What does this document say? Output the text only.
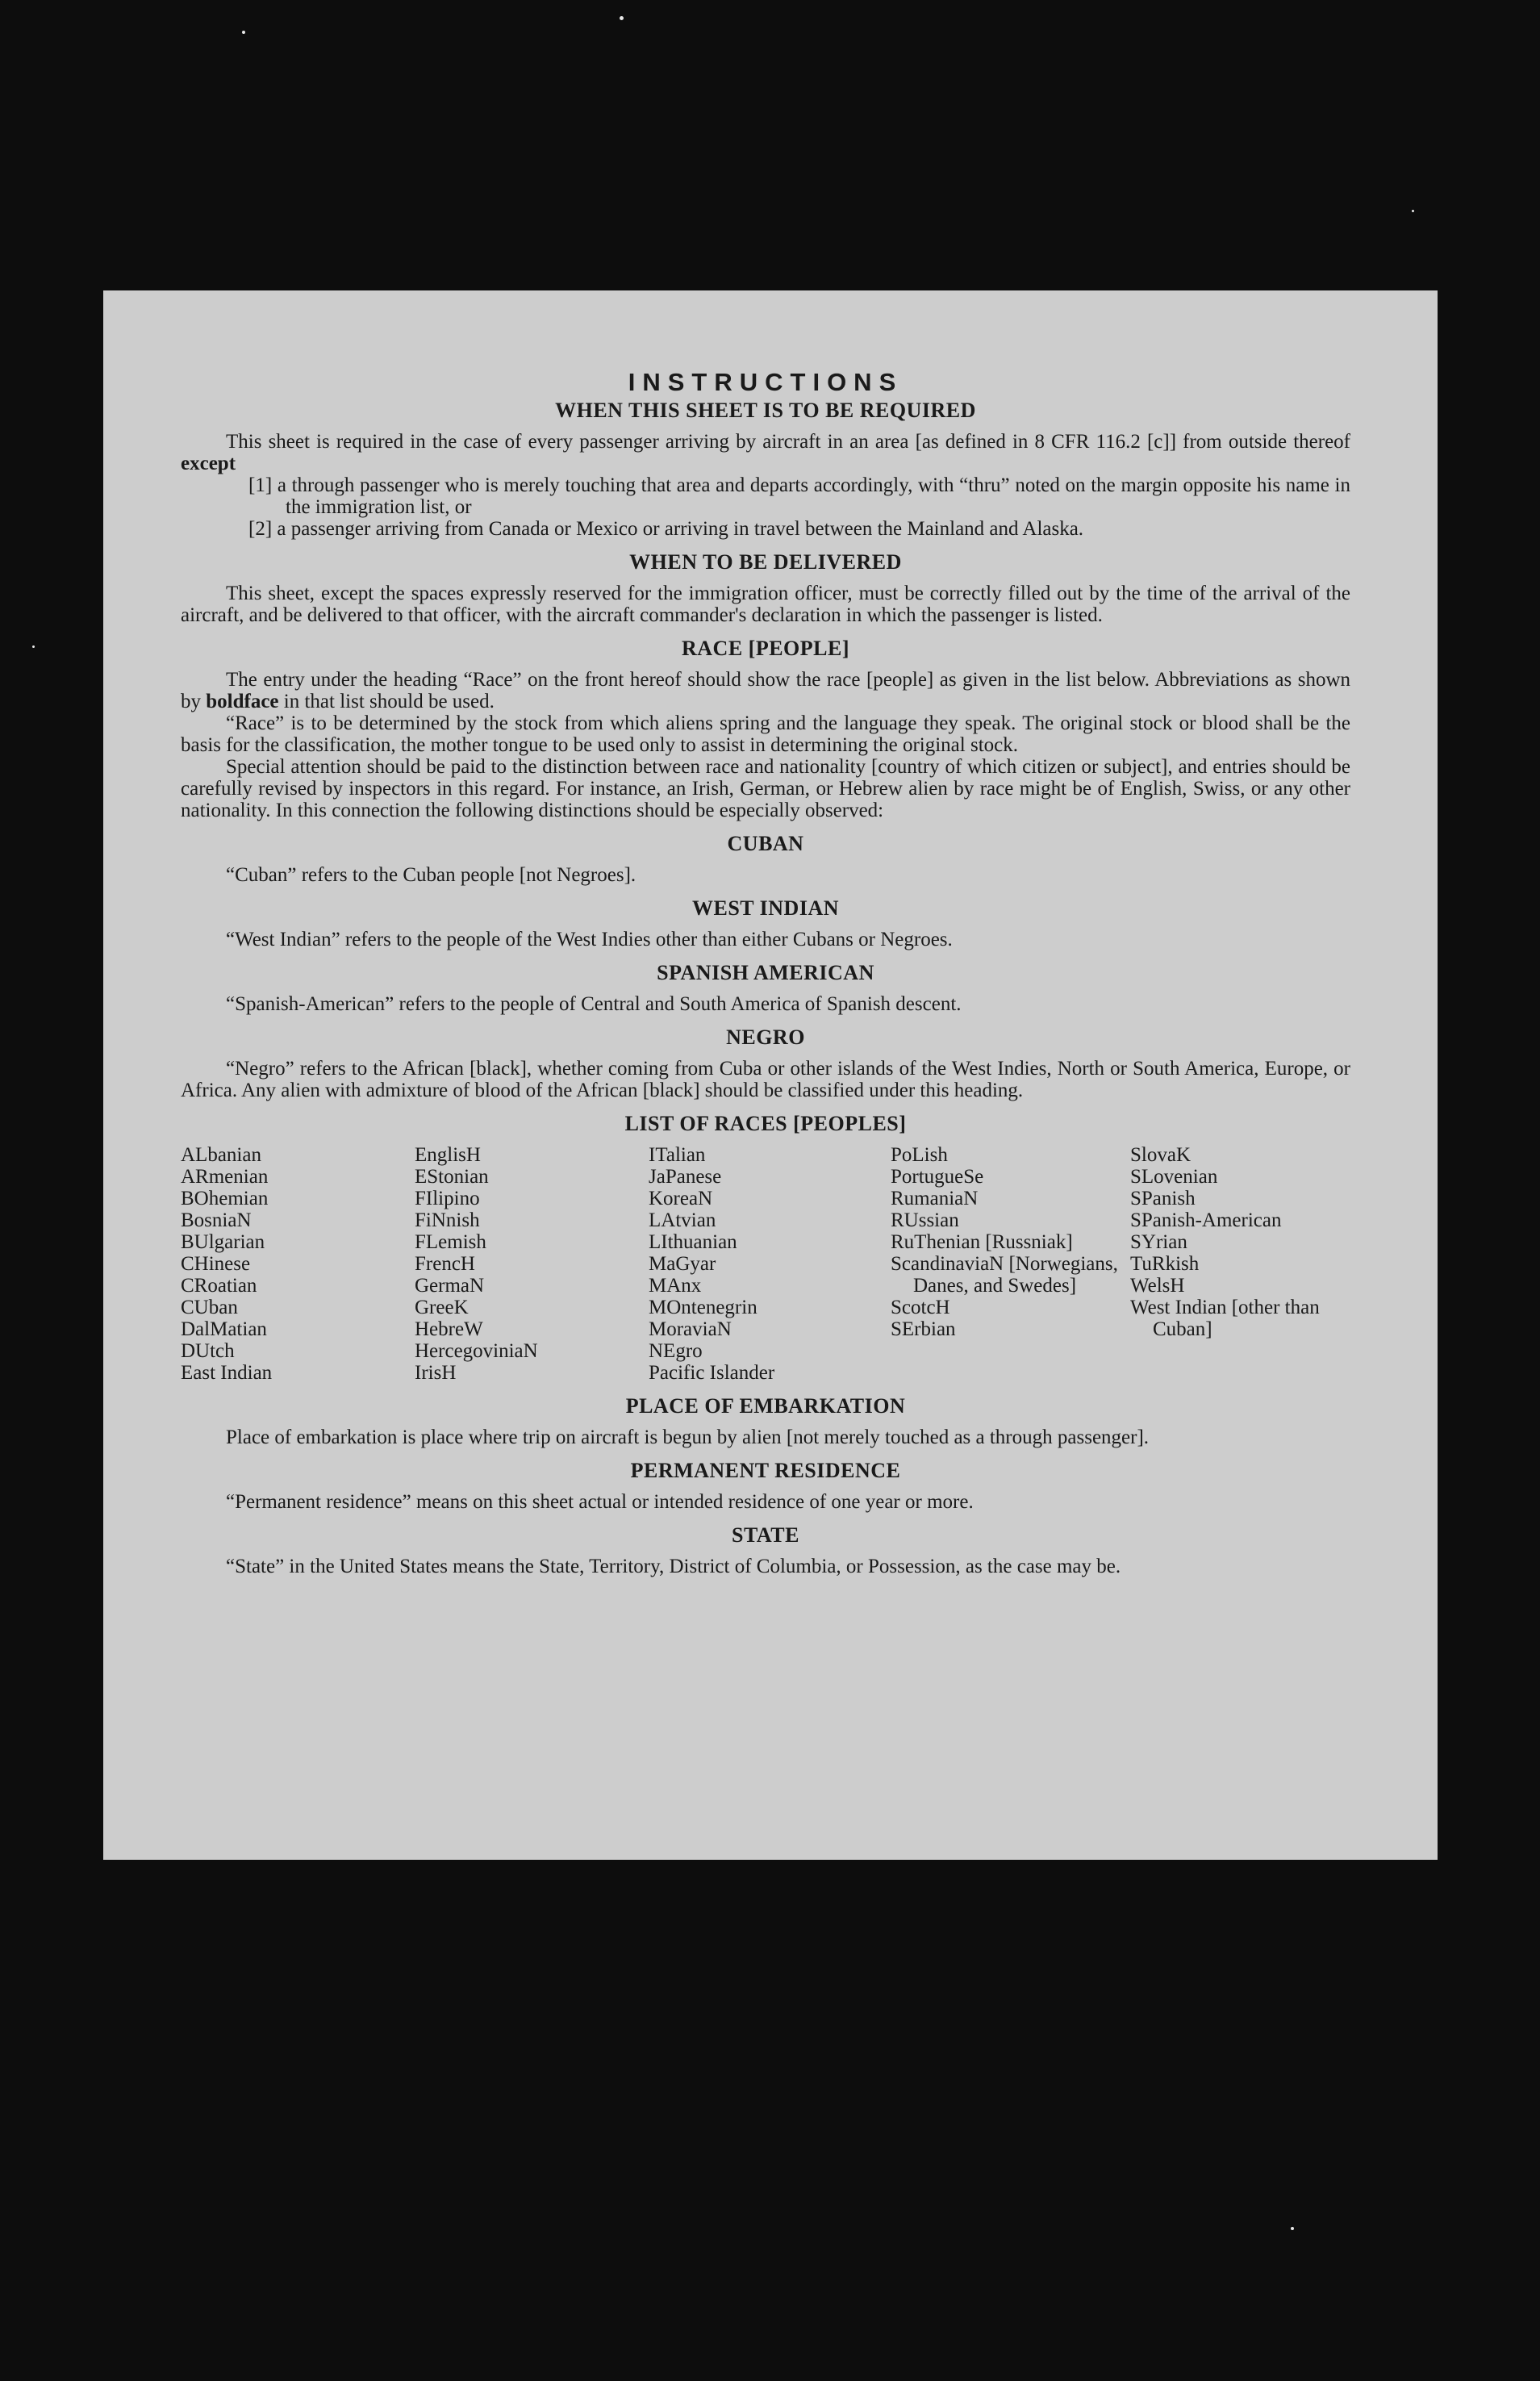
INSTRUCTIONS
WHEN THIS SHEET IS TO BE REQUIRED

This sheet is required in the case of every passenger arriving by aircraft in an area [as defined in 8 CFR 116.2 [c]] from outside thereof except

[1] a through passenger who is merely touching that area and departs accordingly, with “thru” noted on the margin opposite his name in the immigration list, or

[2] a passenger arriving from Canada or Mexico or arriving in travel between the Mainland and Alaska.

WHEN TO BE DELIVERED

This sheet, except the spaces expressly reserved for the immigration officer, must be correctly filled out by the time of the arrival of the aircraft, and be delivered to that officer, with the aircraft commander's declaration in which the passenger is listed.

RACE [PEOPLE]

The entry under the heading “Race” on the front hereof should show the race [people] as given in the list below. Abbreviations as shown by boldface in that list should be used.

“Race” is to be determined by the stock from which aliens spring and the language they speak. The original stock or blood shall be the basis for the classification, the mother tongue to be used only to assist in determining the original stock.

Special attention should be paid to the distinction between race and nationality [country of which citizen or subject], and entries should be carefully revised by inspectors in this regard. For instance, an Irish, German, or Hebrew alien by race might be of English, Swiss, or any other nationality. In this connection the following distinctions should be especially observed:

CUBAN

“Cuban” refers to the Cuban people [not Negroes].

WEST INDIAN

“West Indian” refers to the people of the West Indies other than either Cubans or Negroes.

SPANISH AMERICAN

“Spanish-American” refers to the people of Central and South America of Spanish descent.

NEGRO

“Negro” refers to the African [black], whether coming from Cuba or other islands of the West Indies, North or South America, Europe, or Africa. Any alien with admixture of blood of the African [black] should be classified under this heading.

LIST OF RACES [PEOPLES]
ALbanian
ARmenian
BOhemian
BosniaN
BUlgarian
CHinese
CRoatian
CUban
DalMatian
DUtch
East Indian
EnglisH
EStonian
FIlipino
FiNnish
FLemish
FrencH
GermaN
GreeK
HebreW
HercegoviniaN
IrisH
ITalian
JaPanese
KoreaN
LAtvian
LIthuanian
MaGyar
MAnx
MOntenegrin
MoraviaN
NEgro
Pacific Islander
PoLish
PortugueSe
RumaniaN
RUssian
RuThenian [Russniak]
ScandinaviaN [Norwegians, Danes, and Swedes]
ScotcH
SErbian
SlovaK
SLovenian
SPanish
SPanish-American
SYrian
TuRkish
WelsH
West Indian [other than Cuban]
PLACE OF EMBARKATION

Place of embarkation is place where trip on aircraft is begun by alien [not merely touched as a through passenger].

PERMANENT RESIDENCE

“Permanent residence” means on this sheet actual or intended residence of one year or more.

STATE

“State” in the United States means the State, Territory, District of Columbia, or Possession, as the case may be.
